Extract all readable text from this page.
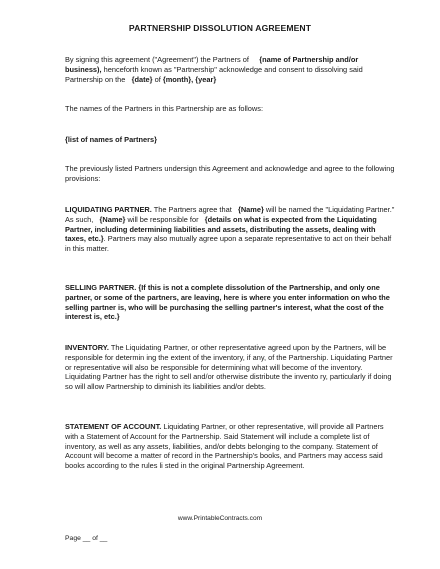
PARTNERSHIP DISSOLUTION AGREEMENT
By signing this agreement ("Agreement") the Partners of {name of Partnership and/or business), henceforth known as "Partnership" acknowledge and consent to dissolving said Partnership on the {date} of {month}, {year}
The names of the Partners in this Partnership are as follows:
{list of names of Partners}
The previously listed Partners undersign this Agreement and acknowledge and agree to the following provisions:
LIQUIDATING PARTNER. The Partners agree that {Name} will be named the "Liquidating Partner." As such, {Name} will be responsible for {details on what is expected from the Liquidating Partner, including determining liabilities and assets, distributing the assets, dealing with taxes, etc.}. Partners may also mutually agree upon a separate representative to act on their behalf in this matter.
SELLING PARTNER. {If this is not a complete dissolution of the Partnership, and only one partner, or some of the partners, are leaving, here is where you enter information on who the selling partner is, who will be purchasing the selling partner's interest, what the cost of the interest is, etc.}
INVENTORY. The Liquidating Partner, or other representative agreed upon by the Partners, will be responsible for determin ing the extent of the inventory, if any, of the Partnership. Liquidating Partner or representative will also be responsible for determining what will become of the inventory. Liquidating Partner has the right to sell and/or otherwise distribute the invento ry, particularly if doing so will allow Partnership to diminish its liabilities and/or debts.
STATEMENT OF ACCOUNT. Liquidating Partner, or other representative, will provide all Partners with a Statement of Account for the Partnership. Said Statement will include a complete list of inventory, as well as any assets, liabilities, and/or debts belonging to the company. Statement of Account will become a matter of record in the Partnership's books, and Partners may access said books according to the rules li sted in the original Partnership Agreement.
www.PrintableContracts.com
Page __ of __
